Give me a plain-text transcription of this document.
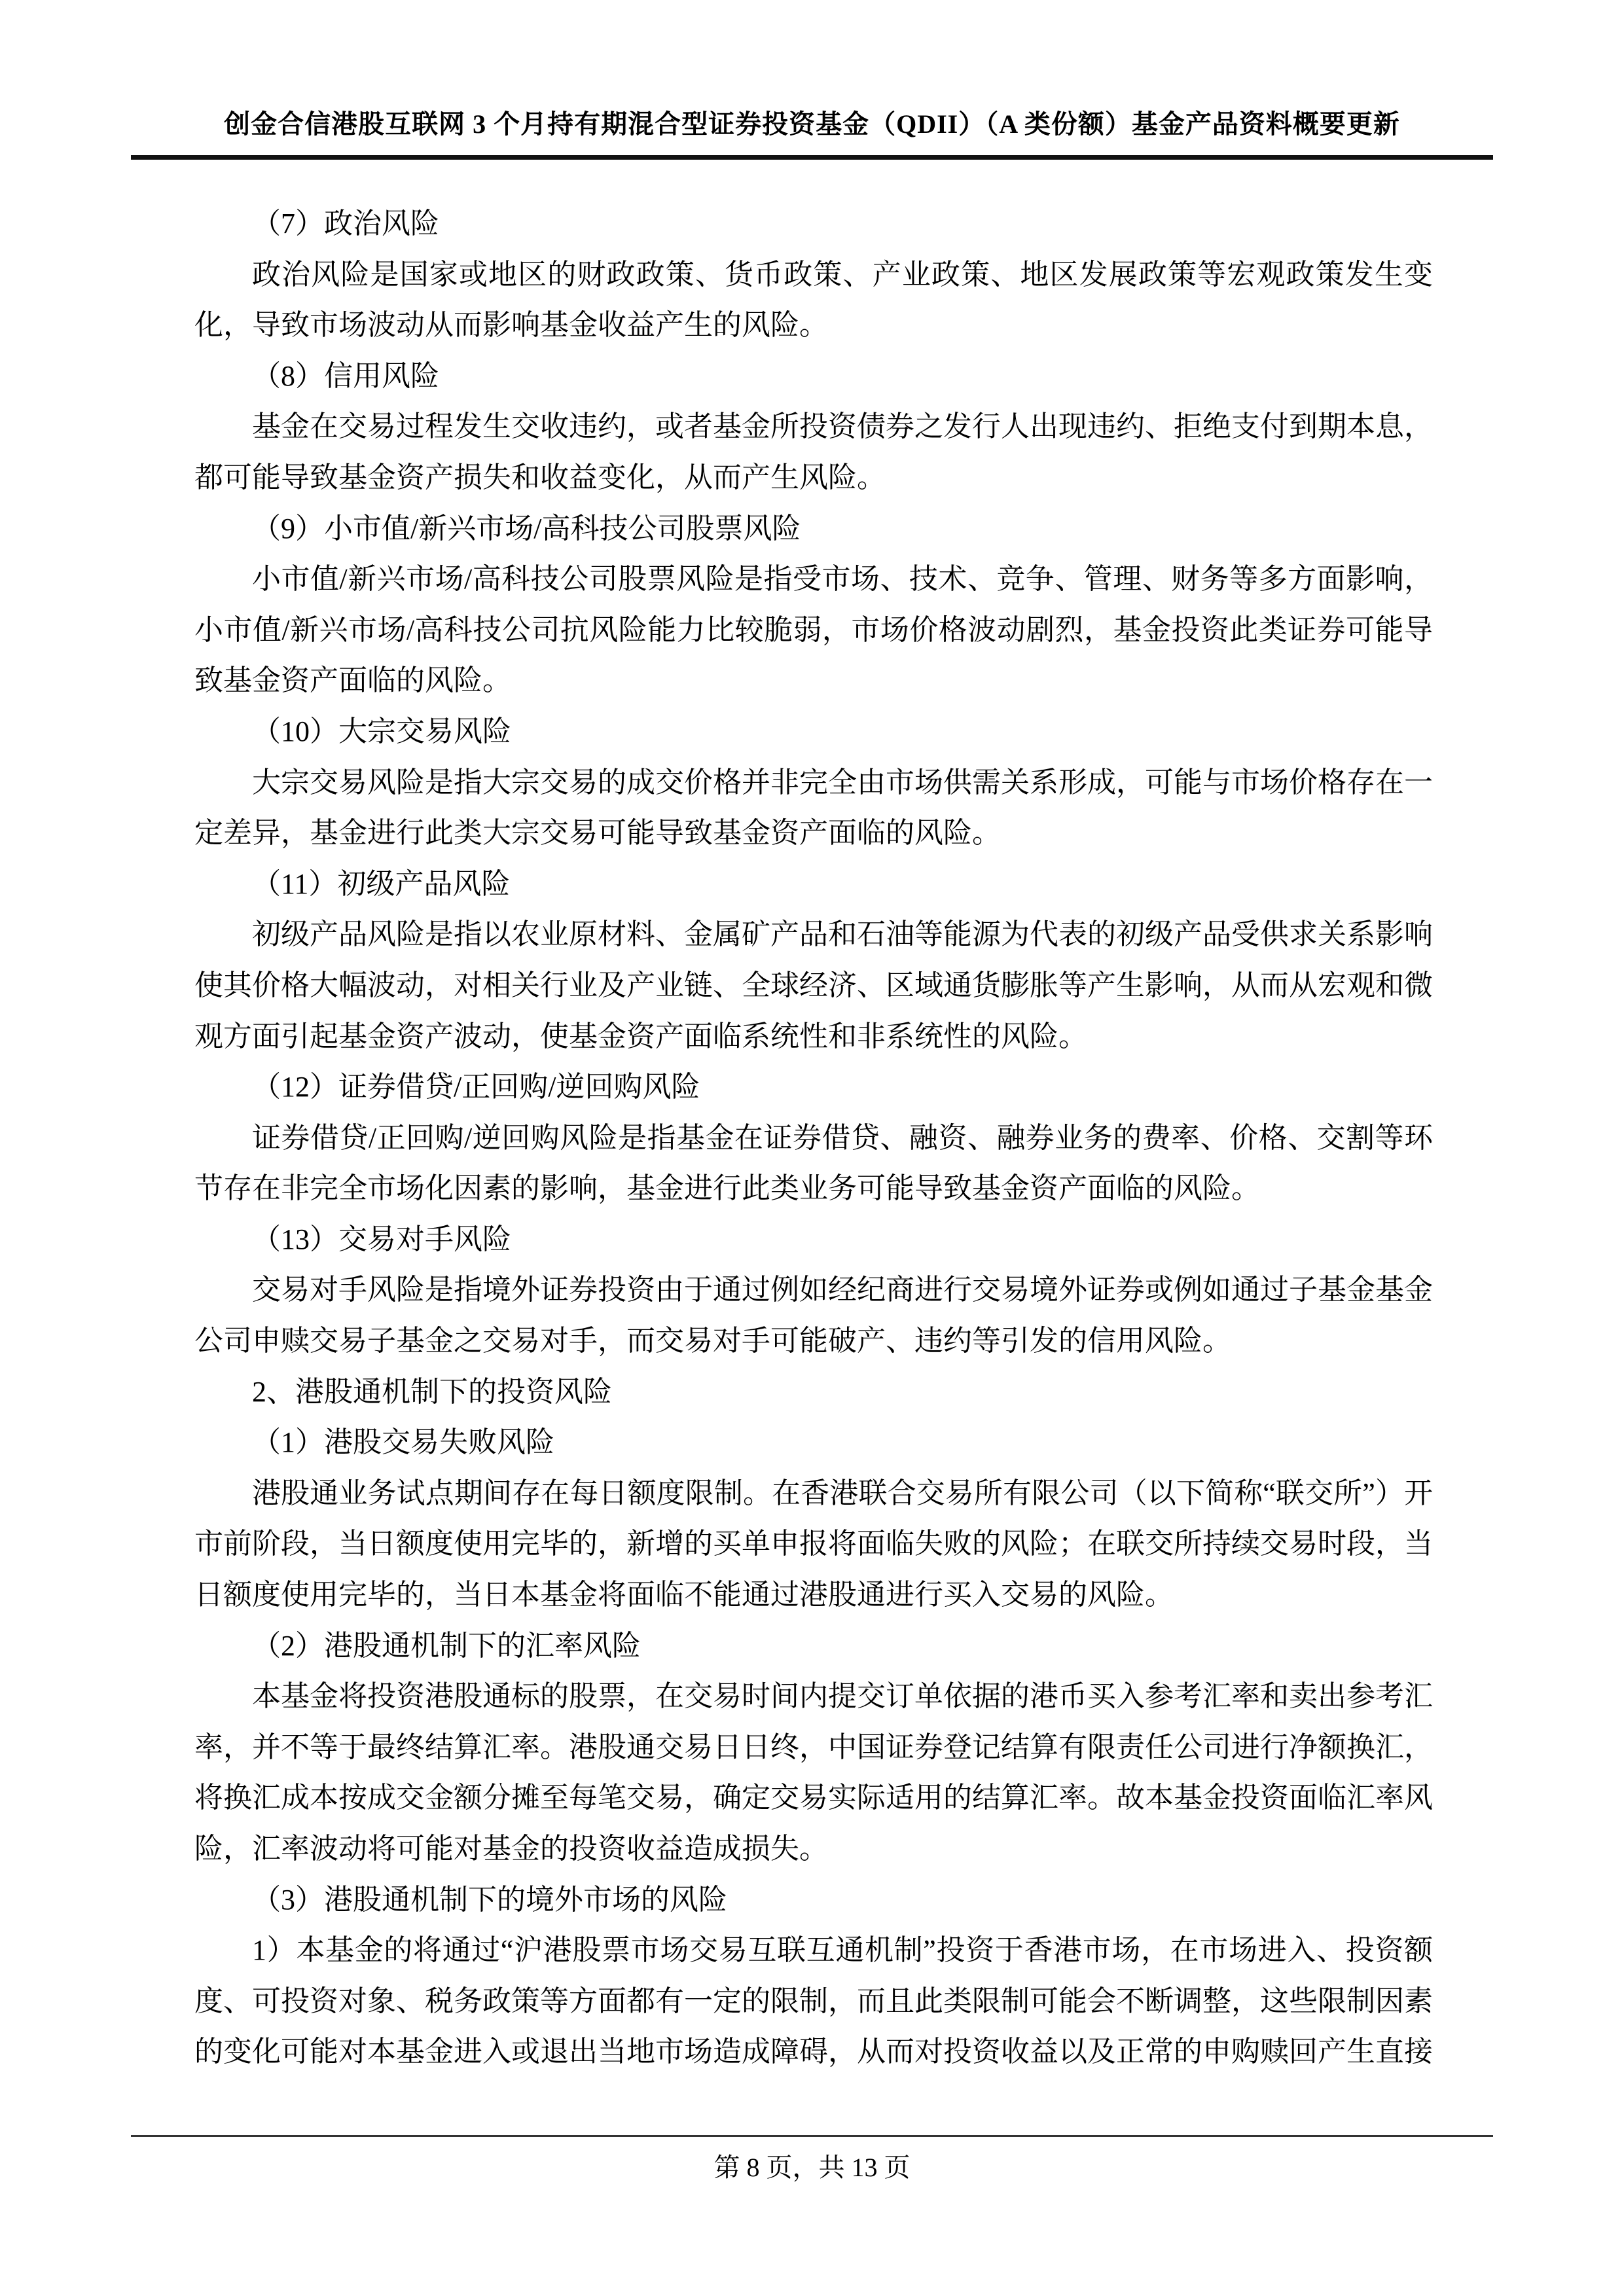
创金合信港股互联网 3 个月持有期混合型证券投资基金（QDII）（A 类份额）基金产品资料概要更新

（7）政治风险

政治风险是国家或地区的财政政策、货币政策、产业政策、地区发展政策等宏观政策发生变化，导致市场波动从而影响基金收益产生的风险。

（8）信用风险

基金在交易过程发生交收违约，或者基金所投资债券之发行人出现违约、拒绝支付到期本息，都可能导致基金资产损失和收益变化，从而产生风险。

（9）小市值/新兴市场/高科技公司股票风险

小市值/新兴市场/高科技公司股票风险是指受市场、技术、竞争、管理、财务等多方面影响，小市值/新兴市场/高科技公司抗风险能力比较脆弱，市场价格波动剧烈，基金投资此类证券可能导致基金资产面临的风险。

（10）大宗交易风险

大宗交易风险是指大宗交易的成交价格并非完全由市场供需关系形成，可能与市场价格存在一定差异，基金进行此类大宗交易可能导致基金资产面临的风险。

（11）初级产品风险

初级产品风险是指以农业原材料、金属矿产品和石油等能源为代表的初级产品受供求关系影响使其价格大幅波动，对相关行业及产业链、全球经济、区域通货膨胀等产生影响，从而从宏观和微观方面引起基金资产波动，使基金资产面临系统性和非系统性的风险。

（12）证券借贷/正回购/逆回购风险

证券借贷/正回购/逆回购风险是指基金在证券借贷、融资、融券业务的费率、价格、交割等环节存在非完全市场化因素的影响，基金进行此类业务可能导致基金资产面临的风险。

（13）交易对手风险

交易对手风险是指境外证券投资由于通过例如经纪商进行交易境外证券或例如通过子基金基金公司申赎交易子基金之交易对手，而交易对手可能破产、违约等引发的信用风险。

2、港股通机制下的投资风险

（1）港股交易失败风险

港股通业务试点期间存在每日额度限制。在香港联合交易所有限公司（以下简称“联交所”）开市前阶段，当日额度使用完毕的，新增的买单申报将面临失败的风险；在联交所持续交易时段，当日额度使用完毕的，当日本基金将面临不能通过港股通进行买入交易的风险。

（2）港股通机制下的汇率风险

本基金将投资港股通标的股票，在交易时间内提交订单依据的港币买入参考汇率和卖出参考汇率，并不等于最终结算汇率。港股通交易日日终，中国证券登记结算有限责任公司进行净额换汇，将换汇成本按成交金额分摊至每笔交易，确定交易实际适用的结算汇率。故本基金投资面临汇率风险，汇率波动将可能对基金的投资收益造成损失。

（3）港股通机制下的境外市场的风险

1）本基金的将通过“沪港股票市场交易互联互通机制”投资于香港市场，在市场进入、投资额度、可投资对象、税务政策等方面都有一定的限制，而且此类限制可能会不断调整，这些限制因素的变化可能对本基金进入或退出当地市场造成障碍，从而对投资收益以及正常的申购赎回产生直接

第 8 页，共 13 页
